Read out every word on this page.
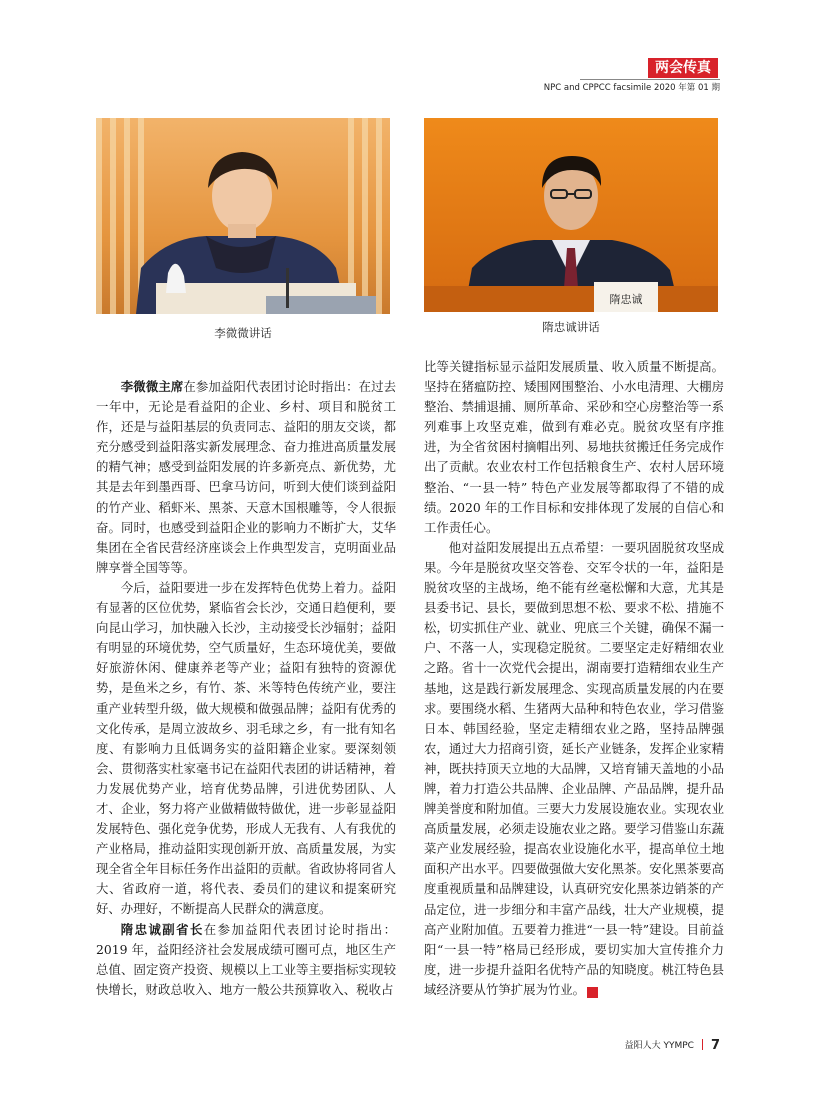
两会传真
NPC and CPPCC facsimile 2020 年第 01 期
李微微讲话
隋忠诚
隋忠诚讲话

李微微主席在参加益阳代表团讨论时指出：在过去一年中，无论是看益阳的企业、乡村、项目和脱贫工作，还是与益阳基层的负责同志、益阳的朋友交谈，都充分感受到益阳落实新发展理念、奋力推进高质量发展的精气神；感受到益阳发展的许多新亮点、新优势，尤其是去年到墨西哥、巴拿马访问，听到大使们谈到益阳的竹产业、稻虾米、黑茶、天意木国根雕等，令人很振奋。同时，也感受到益阳企业的影响力不断扩大，艾华集团在全省民营经济座谈会上作典型发言，克明面业品牌享誉全国等等。

今后，益阳要进一步在发挥特色优势上着力。益阳有显著的区位优势，紧临省会长沙，交通日趋便利，要向昆山学习，加快融入长沙，主动接受长沙辐射；益阳有明显的环境优势，空气质量好，生态环境优美，要做好旅游休闲、健康养老等产业；益阳有独特的资源优势，是鱼米之乡，有竹、茶、米等特色传统产业，要注重产业转型升级，做大规模和做强品牌；益阳有优秀的文化传承，是周立波故乡、羽毛球之乡，有一批有知名度、有影响力且低调务实的益阳籍企业家。要深刻领会、贯彻落实杜家毫书记在益阳代表团的讲话精神，着力发展优势产业，培育优势品牌，引进优势团队、人才、企业，努力将产业做精做特做优，进一步彰显益阳发展特色、强化竞争优势，形成人无我有、人有我优的产业格局，推动益阳实现创新开放、高质量发展，为实现全省全年目标任务作出益阳的贡献。省政协将同省人大、省政府一道，将代表、委员们的建议和提案研究好、办理好，不断提高人民群众的满意度。

隋忠诚副省长在参加益阳代表团讨论时指出：2019 年，益阳经济社会发展成绩可圈可点，地区生产总值、固定资产投资、规模以上工业等主要指标实现较快增长，财政总收入、地方一般公共预算收入、税收占

比等关键指标显示益阳发展质量、收入质量不断提高。坚持在猪瘟防控、矮围网围整治、小水电清理、大棚房整治、禁捕退捕、厕所革命、采砂和空心房整治等一系列难事上攻坚克难，做到有难必克。脱贫攻坚有序推进，为全省贫困村摘帽出列、易地扶贫搬迁任务完成作出了贡献。农业农村工作包括粮食生产、农村人居环境整治、“一县一特” 特色产业发展等都取得了不错的成绩。2020 年的工作目标和安排体现了发展的自信心和工作责任心。

他对益阳发展提出五点希望：一要巩固脱贫攻坚成果。今年是脱贫攻坚交答卷、交军令状的一年，益阳是脱贫攻坚的主战场，绝不能有丝毫松懈和大意，尤其是县委书记、县长，要做到思想不松、要求不松、措施不松，切实抓住产业、就业、兜底三个关键，确保不漏一户、不落一人，实现稳定脱贫。二要坚定走好精细农业之路。省十一次党代会提出，湖南要打造精细农业生产基地，这是践行新发展理念、实现高质量发展的内在要求。要围绕水稻、生猪两大品种和特色农业，学习借鉴日本、韩国经验，坚定走精细农业之路，坚持品牌强农，通过大力招商引资，延长产业链条，发挥企业家精神，既扶持顶天立地的大品牌，又培育铺天盖地的小品牌，着力打造公共品牌、企业品牌、产品品牌，提升品牌美誉度和附加值。三要大力发展设施农业。实现农业高质量发展，必须走设施农业之路。要学习借鉴山东蔬菜产业发展经验，提高农业设施化水平，提高单位土地面积产出水平。四要做强做大安化黑茶。安化黑茶要高度重视质量和品牌建设，认真研究安化黑茶边销茶的产品定位，进一步细分和丰富产品线，壮大产业规模，提高产业附加值。五要着力推进“一县一特”建设。目前益阳“一县一特”格局已经形成，要切实加大宣传推介力度，进一步提升益阳名优特产品的知晓度。桃江特色县域经济要从竹笋扩展为竹业。	文

益阳人大 YYMPC 7
